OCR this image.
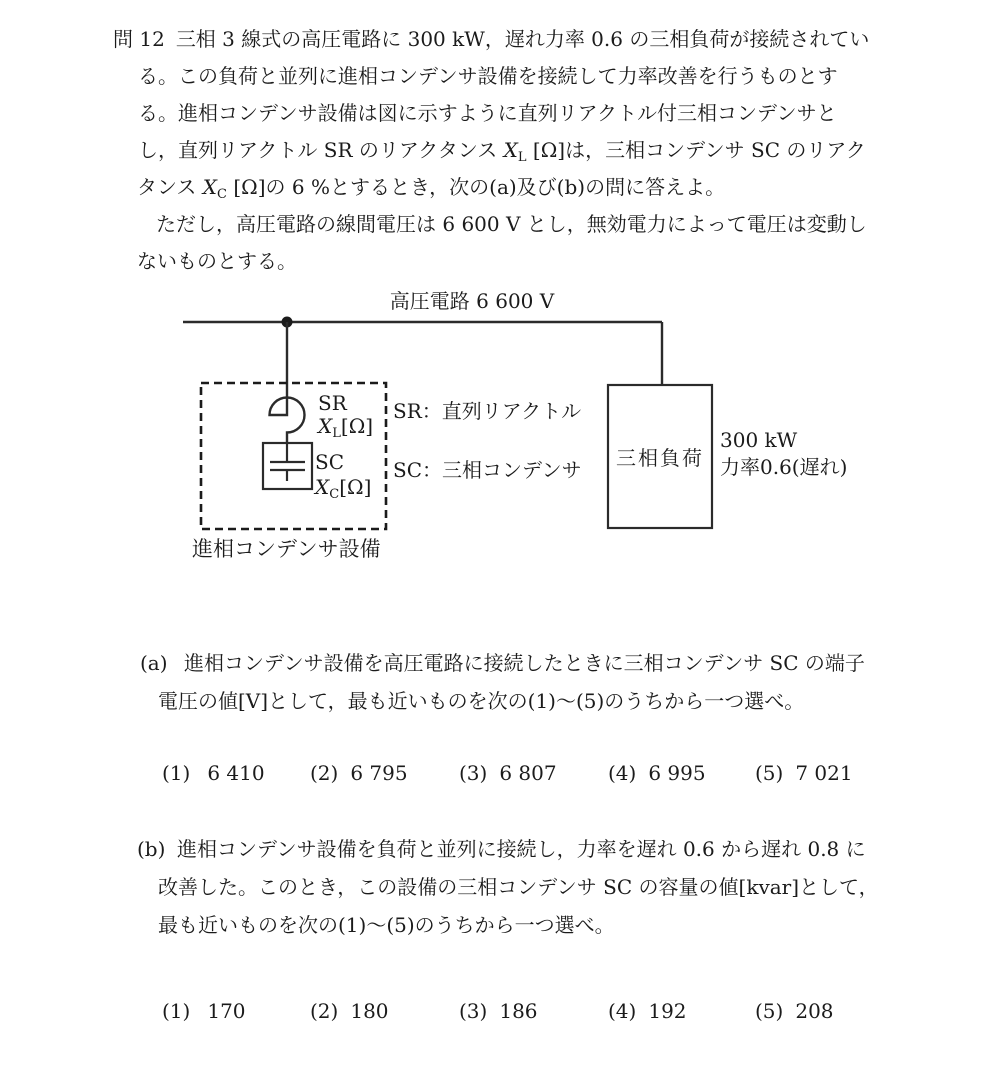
問 12 三相 3 線式の高圧電路に 300 kW，遅れ力率 0.6 の三相負荷が接続されてい
る。この負荷と並列に進相コンデンサ設備を接続して力率改善を行うものとす
る。進相コンデンサ設備は図に示すように直列リアクトル付三相コンデンサと
し，直列リアクトル SR のリアクタンス $X_L$ [Ω]は，三相コンデンサ SC のリアク
タンス $X_C$ [Ω]の 6 %とするとき，次の(a)及び(b)の問に答えよ。
ただし，高圧電路の線間電圧は 6 600 V とし，無効電力によって電圧は変動し
ないものとする。
高圧電路 6 600 V
SR
$X_L[\Omega]$
SC
$X_C[\Omega]$
SR：直列リアクトル
SC：三相コンデンサ
進相コンデンサ設備
三相負荷
300 kW
力率0.6(遅れ)
(a) 進相コンデンサ設備を高圧電路に接続したときに三相コンデンサ SC の端子
電圧の値[V]として，最も近いものを次の(1)～(5)のうちから一つ選べ。
(1) 6 410 (2) 6 795	(3) 6 807	(4) 6 995 (5) 7 021
(b) 進相コンデンサ設備を負荷と並列に接続し，力率を遅れ 0.6 から遅れ 0.8 に
改善した。このとき，この設備の三相コンデンサ SC の容量の値[kvar]として，
最も近いものを次の(1)～(5)のうちから一つ選べ。
(1) 170	(2) 180	(3) 186	(4) 192	(5) 208
